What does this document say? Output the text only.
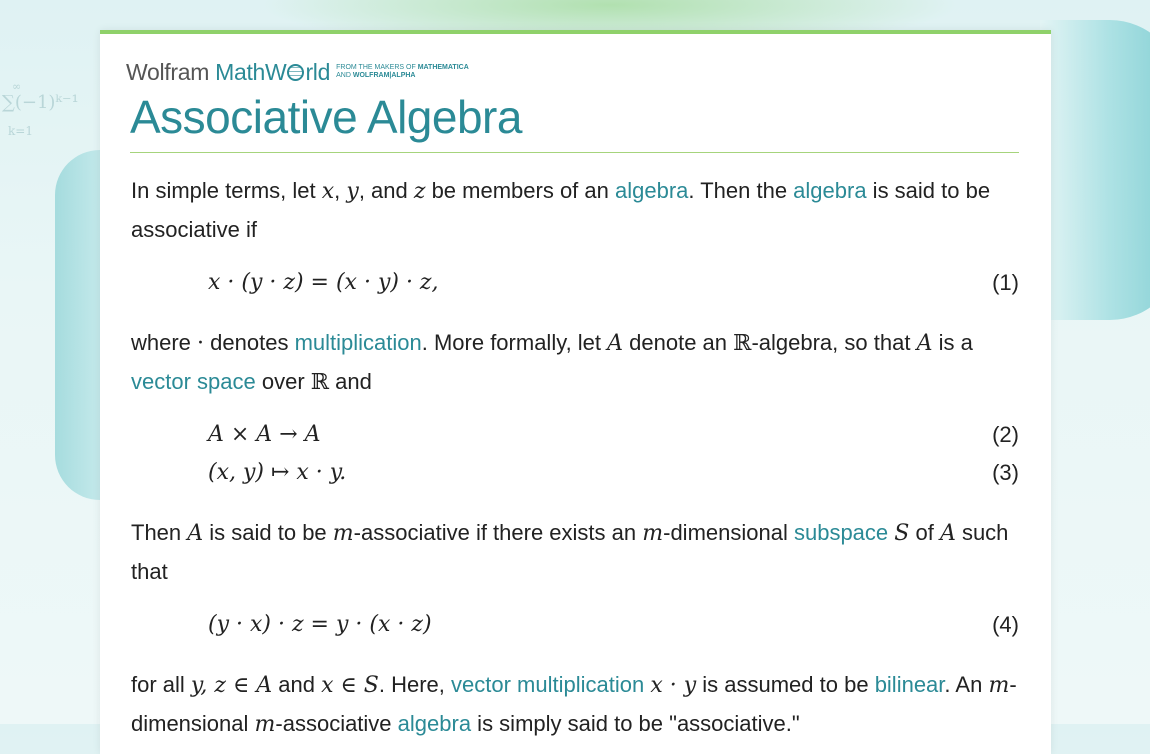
∑(−1)ᵏ⁻¹
k=1
∞
Wolfram MathW rld FROM THE MAKERS OF MATHEMATICA
AND WOLFRAM|ALPHA
Associative Algebra

In simple terms, let x, y, and z be members of an algebra. Then the algebra is said to be associative if

x · (y · z) = (x · y) · z,	(1)

where · denotes multiplication. More formally, let A denote an ℝ-algebra, so that A is a vector space over ℝ and

A × A → A	(2)
(x, y) ↦ x · y.	(3)

Then A is said to be m-associative if there exists an m-dimensional subspace S of A such that

(y · x) · z = y · (x · z)	(4)

for all y, z ∈ A and x ∈ S. Here, vector multiplication x · y is assumed to be bilinear. An m-dimensional m-associative algebra is simply said to be "associative."
